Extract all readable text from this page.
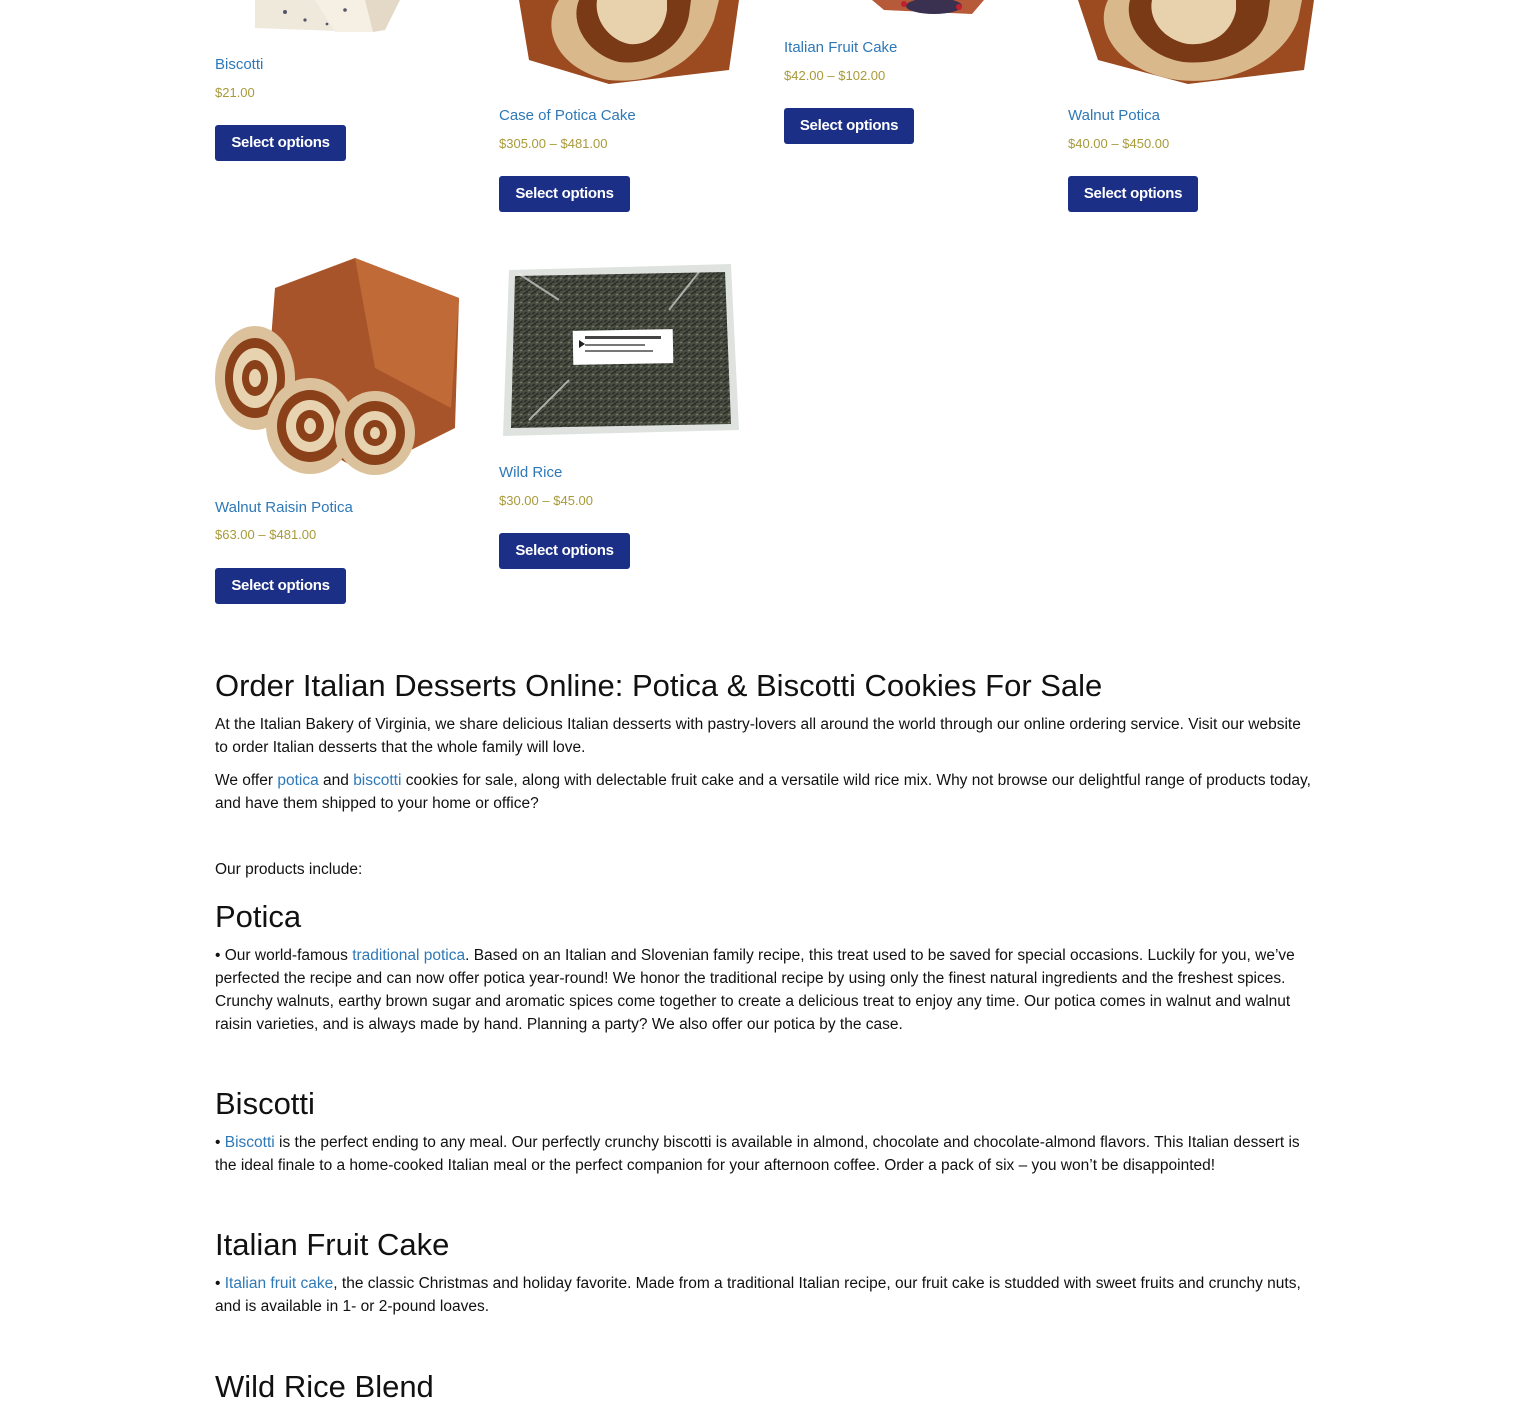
Biscotti
$21.00
Select options
Case of Potica Cake
$305.00 – $481.00
Select options
Italian Fruit Cake
$42.00 – $102.00
Select options
Walnut Potica
$40.00 – $450.00
Select options
Walnut Raisin Potica
$63.00 – $481.00
Select options
Wild Rice
$30.00 – $45.00
Select options
Order Italian Desserts Online: Potica & Biscotti Cookies For Sale

At the Italian Bakery of Virginia, we share delicious Italian desserts with pastry-lovers all around the world through our online ordering service. Visit our website to order Italian desserts that the whole family will love.

We offer potica and biscotti cookies for sale, along with delectable fruit cake and a versatile wild rice mix. Why not browse our delightful range of products today, and have them shipped to your home or office?

Our products include:

Potica

• Our world-famous traditional potica. Based on an Italian and Slovenian family recipe, this treat used to be saved for special occasions. Luckily for you, we’ve perfected the recipe and can now offer potica year-round! We honor the traditional recipe by using only the finest natural ingredients and the freshest spices. Crunchy walnuts, earthy brown sugar and aromatic spices come together to create a delicious treat to enjoy any time. Our potica comes in walnut and walnut raisin varieties, and is always made by hand. Planning a party? We also offer our potica by the case.

Biscotti

• Biscotti is the perfect ending to any meal. Our perfectly crunchy biscotti is available in almond, chocolate and chocolate-almond flavors. This Italian dessert is the ideal finale to a home-cooked Italian meal or the perfect companion for your afternoon coffee. Order a pack of six – you won’t be disappointed!

Italian Fruit Cake

• Italian fruit cake, the classic Christmas and holiday favorite. Made from a traditional Italian recipe, our fruit cake is studded with sweet fruits and crunchy nuts, and is available in 1- or 2-pound loaves.

Wild Rice Blend
